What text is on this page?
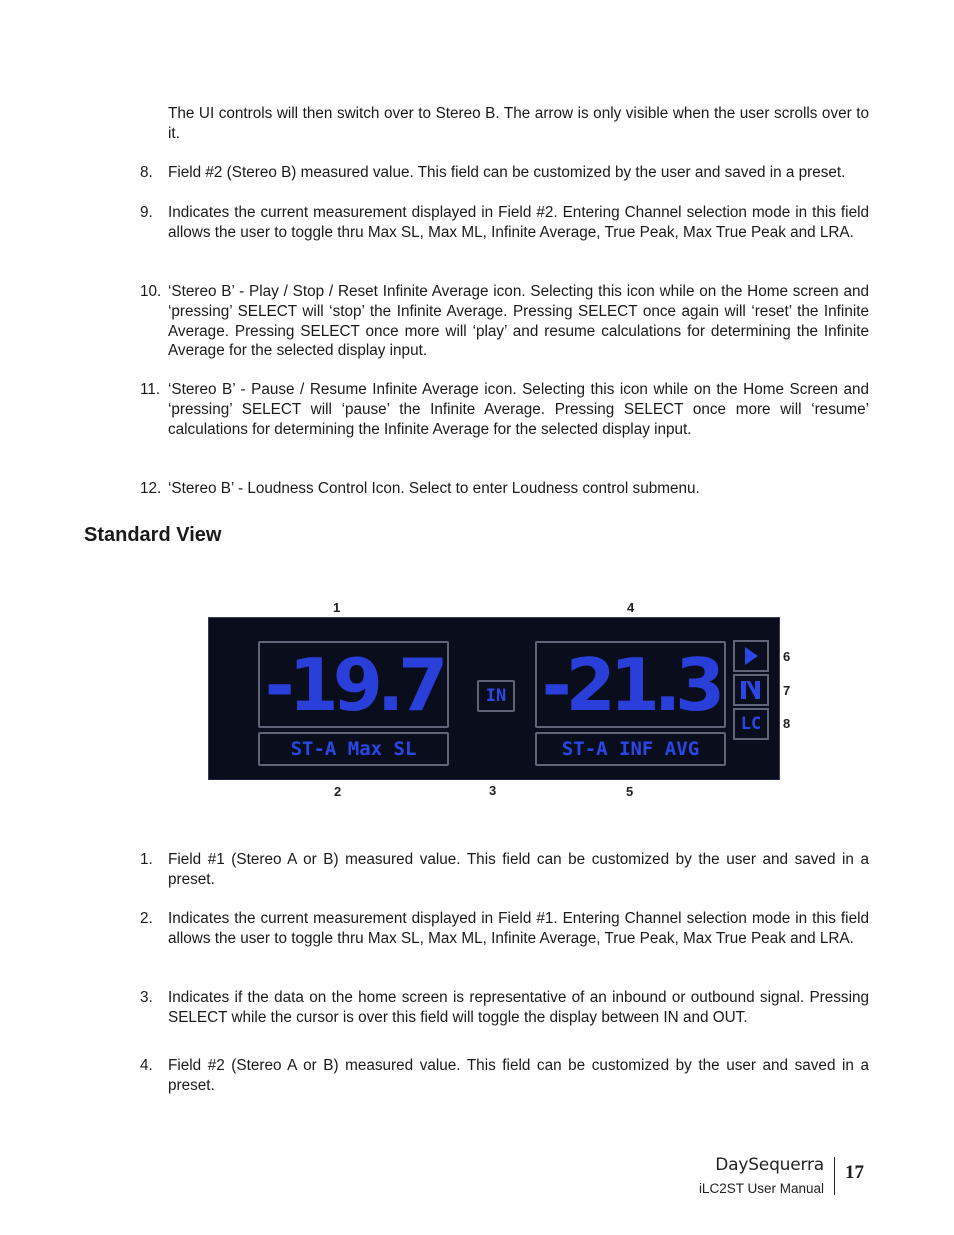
The UI controls will then switch over to Stereo B. The arrow is only visible when the user scrolls over to it.

8. Field #2 (Stereo B) measured value. This field can be customized by the user and saved in a preset.
9. Indicates the current measurement displayed in Field #2. Entering Channel selection mode in this field allows the user to toggle thru Max SL, Max ML, Infinite Average, True Peak, Max True Peak and LRA.
10. ‘Stereo B’ - Play / Stop / Reset Infinite Average icon. Selecting this icon while on the Home screen and ‘pressing’ SELECT will ‘stop’ the Infinite Average. Pressing SELECT once again will ‘reset’ the Infinite Average. Pressing SELECT once more will ‘play’ and resume calculations for determining the Infinite Average for the selected display input.
11. ‘Stereo B’ - Pause / Resume Infinite Average icon. Selecting this icon while on the Home Screen and ‘pressing’ SELECT will ‘pause’ the Infinite Average. Pressing SELECT once more will ‘resume’ calculations for determining the Infinite Average for the selected display input.
12. ‘Stereo B’ - Loudness Control Icon. Select to enter Loudness control submenu.
Standard View
1	4
6
7
8
2	3	5
-19.7
ST-A Max SL
IN -21.3
ST-A INF AVG
LC
1. Field #1 (Stereo A or B) measured value. This field can be customized by the user and saved in a preset.
2. Indicates the current measurement displayed in Field #1. Entering Channel selection mode in this field allows the user to toggle thru Max SL, Max ML, Infinite Average, True Peak, Max True Peak and LRA.
3. Indicates if the data on the home screen is representative of an inbound or outbound signal. Pressing SELECT while the cursor is over this field will toggle the display between IN and OUT.
4. Field #2 (Stereo A or B) measured value. This field can be customized by the user and saved in a preset.
DaySequerra
iLC2ST User Manual
17
